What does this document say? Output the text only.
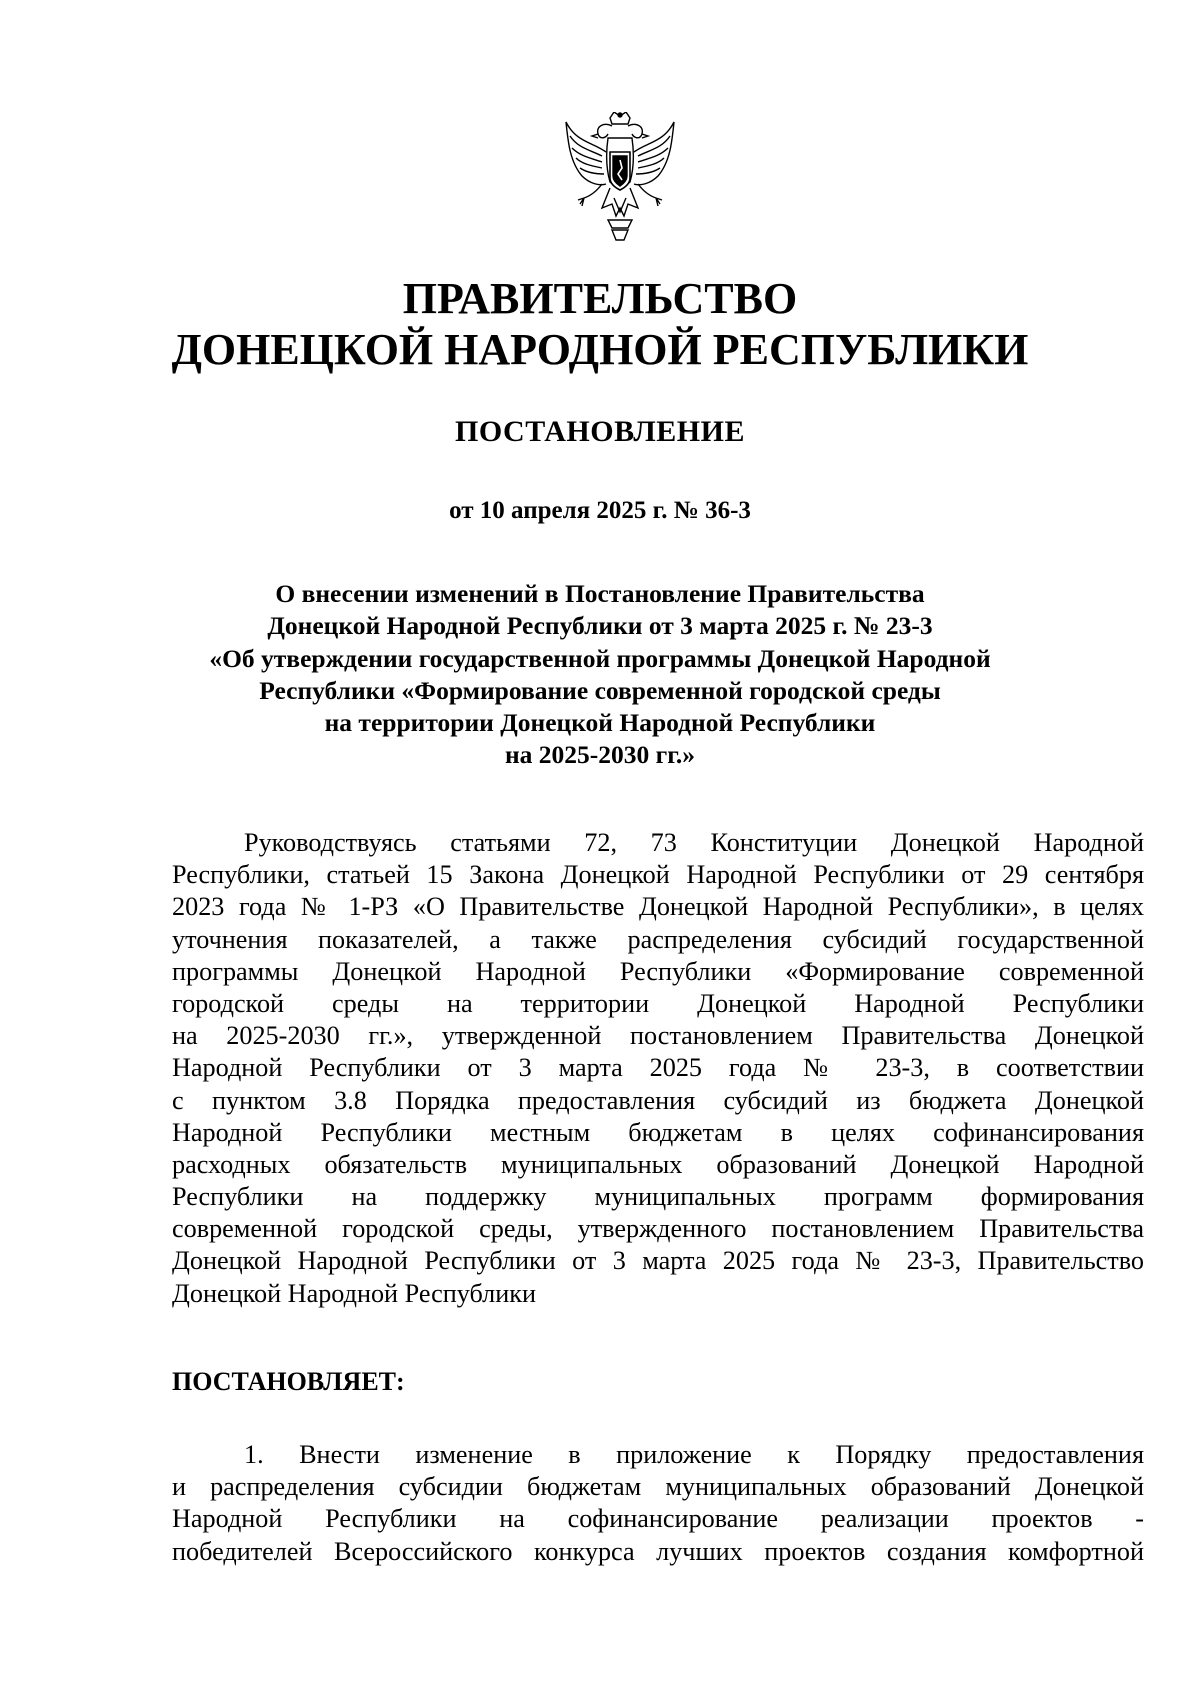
ПРАВИТЕЛЬСТВО
ДОНЕЦКОЙ НАРОДНОЙ РЕСПУБЛИКИ
ПОСТАНОВЛЕНИЕ
от 10 апреля 2025 г. № 36-3
О внесении изменений в Постановление Правительства
Донецкой Народной Республики от 3 марта 2025 г. № 23-3
«Об утверждении государственной программы Донецкой Народной
Республики «Формирование современной городской среды
на территории Донецкой Народной Республики
на 2025-2030 гг.»
Руководствуясь статьями 72, 73 Конституции Донецкой Народной
Республики, статьей 15 Закона Донецкой Народной Республики от 29 сентября
2023 года № 1-РЗ «О Правительстве Донецкой Народной Республики», в целях
уточнения показателей, а также распределения субсидий государственной
программы Донецкой Народной Республики «Формирование современной
городской среды на территории Донецкой Народной Республики
на 2025-2030 гг.», утвержденной постановлением Правительства Донецкой
Народной Республики от 3 марта 2025 года № 23-3, в соответствии
с пунктом 3.8 Порядка предоставления субсидий из бюджета Донецкой
Народной Республики местным бюджетам в целях софинансирования
расходных обязательств муниципальных образований Донецкой Народной
Республики на поддержку муниципальных программ формирования
современной городской среды, утвержденного постановлением Правительства
Донецкой Народной Республики от 3 марта 2025 года № 23-3, Правительство
Донецкой Народной Республики
ПОСТАНОВЛЯЕТ:
1. Внести изменение в приложение к Порядку предоставления
и распределения субсидии бюджетам муниципальных образований Донецкой
Народной Республики на софинансирование реализации проектов -
победителей Всероссийского конкурса лучших проектов создания комфортной
